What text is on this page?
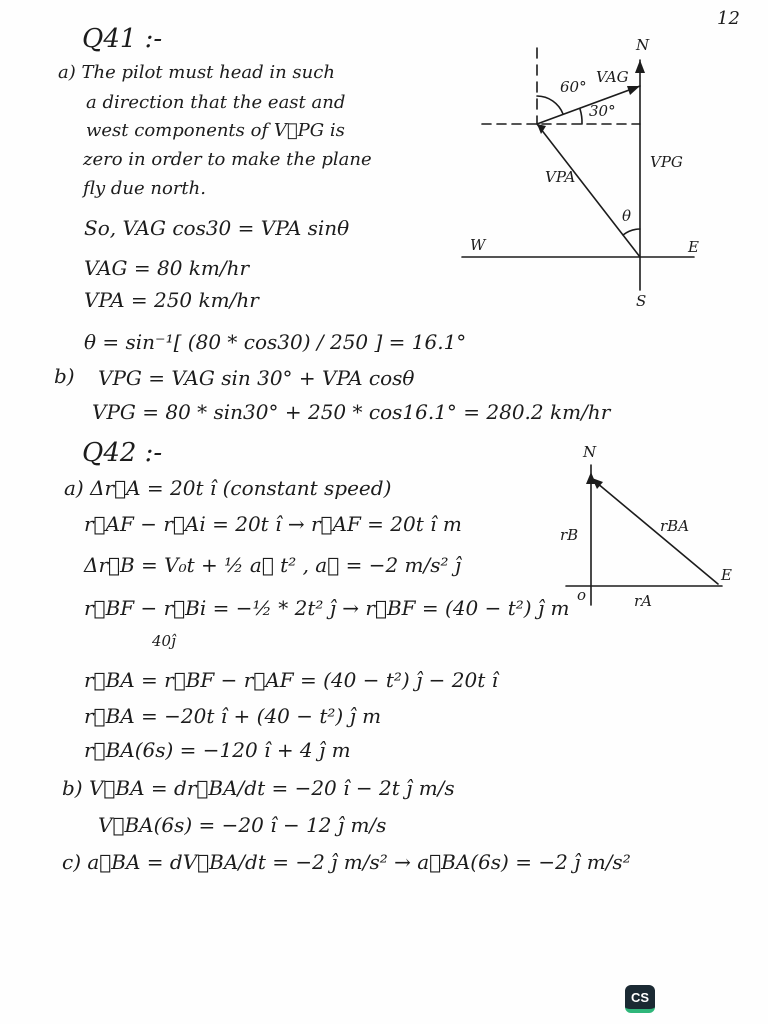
12
Q41 :-
a) The pilot must head in such
a direction that the east and
west components of V⃗PG is
zero in order to make the plane
fly due north.
So, VAG cos30 = VPA sinθ
VAG = 80 km/hr
VPA = 250 km/hr
θ = sin⁻¹[ (80 * cos30) / 250 ] = 16.1°
b) VPG = VAG sin 30° + VPA cosθ
VPG = 80 * sin30° + 250 * cos16.1° = 280.2 km/hr
N
S
E
W
VAG
VPA
VPG
60°
30°
θ
Q42 :-
a) Δr⃗A = 20t î (constant speed)
r⃗AF − r⃗Ai = 20t î → r⃗AF = 20t î m
Δr⃗B = V₀t + ½ a⃗ t² , a⃗ = −2 m/s² ĵ
r⃗BF − r⃗Bi = −½ * 2t² ĵ → r⃗BF = (40 − t²) ĵ m
40ĵ
r⃗BA = r⃗BF − r⃗AF = (40 − t²) ĵ − 20t î
r⃗BA = −20t î + (40 − t²) ĵ m
r⃗BA(6s) = −120 î + 4 ĵ m
b) V⃗BA = dr⃗BA/dt = −20 î − 2t ĵ m/s
V⃗BA(6s) = −20 î − 12 ĵ m/s
c) a⃗BA = dV⃗BA/dt = −2 ĵ m/s² → a⃗BA(6s) = −2 ĵ m/s²
N
E
o
rB
rA
rBA
CS
